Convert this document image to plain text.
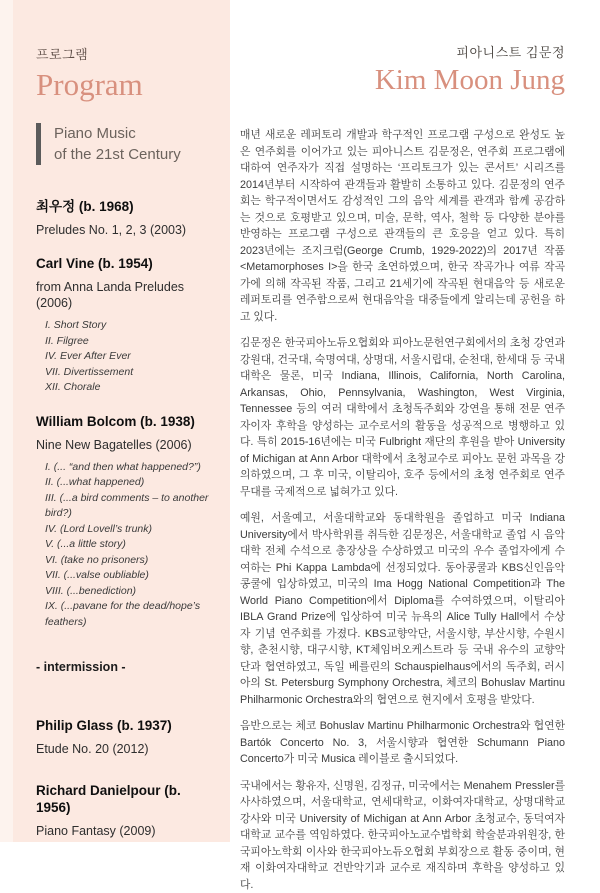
프로그램
Program
Piano Music
of the 21st Century
최우정 (b. 1968)
Preludes No. 1, 2, 3 (2003)
Carl Vine (b. 1954)
from Anna Landa Preludes (2006)
I. Short Story
II. Filgree
IV. Ever After Ever
VII. Divertissement
XII. Chorale
William Bolcom (b. 1938)
Nine New Bagatelles (2006)
I. (... “and then what happened?”)
II. (...what happened)
III. (...a bird comments – to another bird?)
IV. (Lord Lovell’s trunk)
V. (...a little story)
VI. (take no prisoners)
VII. (...valse oubliable)
VIII. (...benediction)
IX. (...pavane for the dead/hope’s feathers)
- intermission -
Philip Glass (b. 1937)
Etude No. 20 (2012)
Richard Danielpour (b. 1956)
Piano Fantasy (2009)
피아니스트 김문정
Kim Moon Jung

매년 새로운 레퍼토리 개발과 학구적인 프로그램 구성으로 완성도 높은 연주회를 이어가고 있는 피아니스트 김문정은, 연주회 프로그램에 대하여 연주자가 직접 설명하는 ‘프리토크가 있는 콘서트’ 시리즈를 2014년부터 시작하여 관객들과 활발히 소통하고 있다. 김문정의 연주회는 학구적이면서도 감성적인 그의 음악 세계를 관객과 함께 공감하는 것으로 호평받고 있으며, 미술, 문학, 역사, 철학 등 다양한 분야를 반영하는 프로그램 구성으로 관객들의 큰 호응을 얻고 있다. 특히 2023년에는 조지크럼(George Crumb, 1929-2022)의 2017년 작품 <Metamorphoses I>을 한국 초연하였으며, 한국 작곡가나 여류 작곡가에 의해 작곡된 작품, 그리고 21세기에 작곡된 현대음악 등 새로운 레퍼토리를 연주함으로써 현대음악을 대중들에게 알리는데 공헌을 하고 있다.

김문정은 한국피아노듀오협회와 피아노문헌연구회에서의 초청 강연과 강원대, 건국대, 숙명여대, 상명대, 서울시립대, 순천대, 한세대 등 국내 대학은 물론, 미국 Indiana, Illinois, California, North Carolina, Arkansas, Ohio, Pennsylvania, Washington, West Virginia, Tennessee 등의 여러 대학에서 초청독주회와 강연을 통해 전문 연주자이자 후학을 양성하는 교수로서의 활동을 성공적으로 병행하고 있다. 특히 2015-16년에는 미국 Fulbright 재단의 후원을 받아 University of Michigan at Ann Arbor 대학에서 초청교수로 피아노 문헌 과목을 강의하였으며, 그 후 미국, 이탈리아, 호주 등에서의 초청 연주회로 연주 무대를 국제적으로 넓혀가고 있다.

예원, 서울예고, 서울대학교와 동대학원을 졸업하고 미국 Indiana University에서 박사학위를 취득한 김문정은, 서울대학교 졸업 시 음악대학 전체 수석으로 총장상을 수상하였고 미국의 우수 졸업자에게 수여하는 Phi Kappa Lambda에 선정되었다. 동아콩쿨과 KBS신인음악콩쿨에 입상하였고, 미국의 Ima Hogg National Competition과 The World Piano Competition에서 Diploma를 수여하였으며, 이탈리아 IBLA Grand Prize에 입상하여 미국 뉴욕의 Alice Tully Hall에서 수상자 기념 연주회를 가졌다. KBS교향악단, 서울시향, 부산시향, 수원시향, 춘천시향, 대구시향, KT체임버오케스트라 등 국내 유수의 교향악단과 협연하였고, 독일 베를린의 Schauspielhaus에서의 독주회, 러시아의 St. Petersburg Symphony Orchestra, 체코의 Bohuslav Martinu Philharmonic Orchestra와의 협연으로 현지에서 호평을 받았다.

음반으로는 체코 Bohuslav Martinu Philharmonic Orchestra와 협연한 Bartók Concerto No. 3, 서울시향과 협연한 Schumann Piano Concerto가 미국 Musica 레이블로 출시되었다.

국내에서는 황유자, 신명원, 김정규, 미국에서는 Menahem Pressler를 사사하였으며, 서울대학교, 연세대학교, 이화여자대학교, 상명대학교 강사와 미국 University of Michigan at Ann Arbor 초청교수, 동덕여자대학교 교수를 역임하였다. 한국피아노교수법학회 학술분과위원장, 한국피아노학회 이사와 한국피아노듀오협회 부회장으로 활동 중이며, 현재 이화여자대학교 건반악기과 교수로 재직하며 후학을 양성하고 있다.
